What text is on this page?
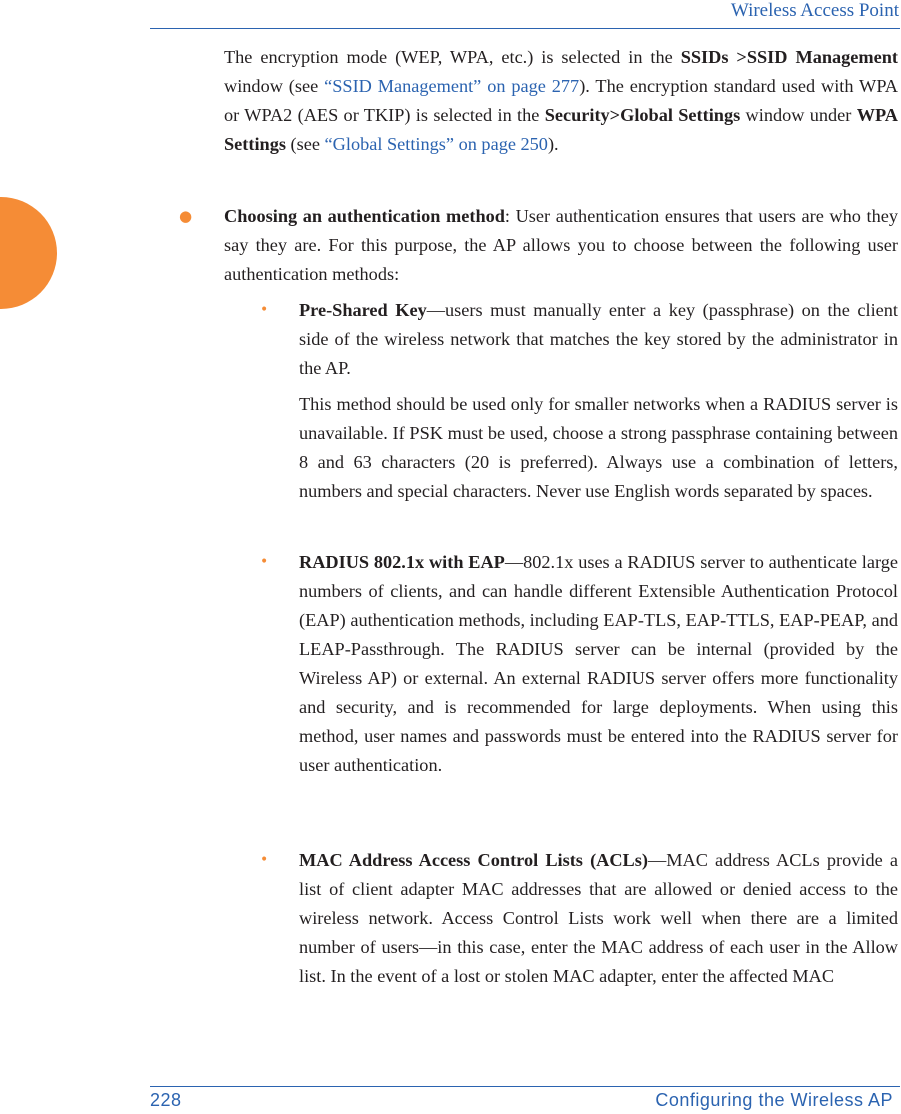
Wireless Access Point

The encryption mode (WEP, WPA, etc.) is selected in the SSIDs >SSID Management window (see “SSID Management” on page 277). The encryption standard used with WPA or WPA2 (AES or TKIP) is selected in the Security>Global Settings window under WPA Settings (see “Global Settings” on page 250).

● Choosing an authentication method: User authentication ensures that users are who they say they are. For this purpose, the AP allows you to choose between the following user authentication methods:

• Pre-Shared Key—users must manually enter a key (passphrase) on the client side of the wireless network that matches the key stored by the administrator in the AP.

This method should be used only for smaller networks when a RADIUS server is unavailable. If PSK must be used, choose a strong passphrase containing between 8 and 63 characters (20 is preferred). Always use a combination of letters, numbers and special characters. Never use English words separated by spaces.

• RADIUS 802.1x with EAP—802.1x uses a RADIUS server to authenticate large numbers of clients, and can handle different Extensible Authentication Protocol (EAP) authentication methods, including EAP-TLS, EAP-TTLS, EAP-PEAP, and LEAP-Passthrough. The RADIUS server can be internal (provided by the Wireless AP) or external. An external RADIUS server offers more functionality and security, and is recommended for large deployments. When using this method, user names and passwords must be entered into the RADIUS server for user authentication.

• MAC Address Access Control Lists (ACLs)—MAC address ACLs provide a list of client adapter MAC addresses that are allowed or denied access to the wireless network. Access Control Lists work well when there are a limited number of users—in this case, enter the MAC address of each user in the Allow list. In the event of a lost or stolen MAC adapter, enter the affected MAC

228	Configuring the Wireless AP
